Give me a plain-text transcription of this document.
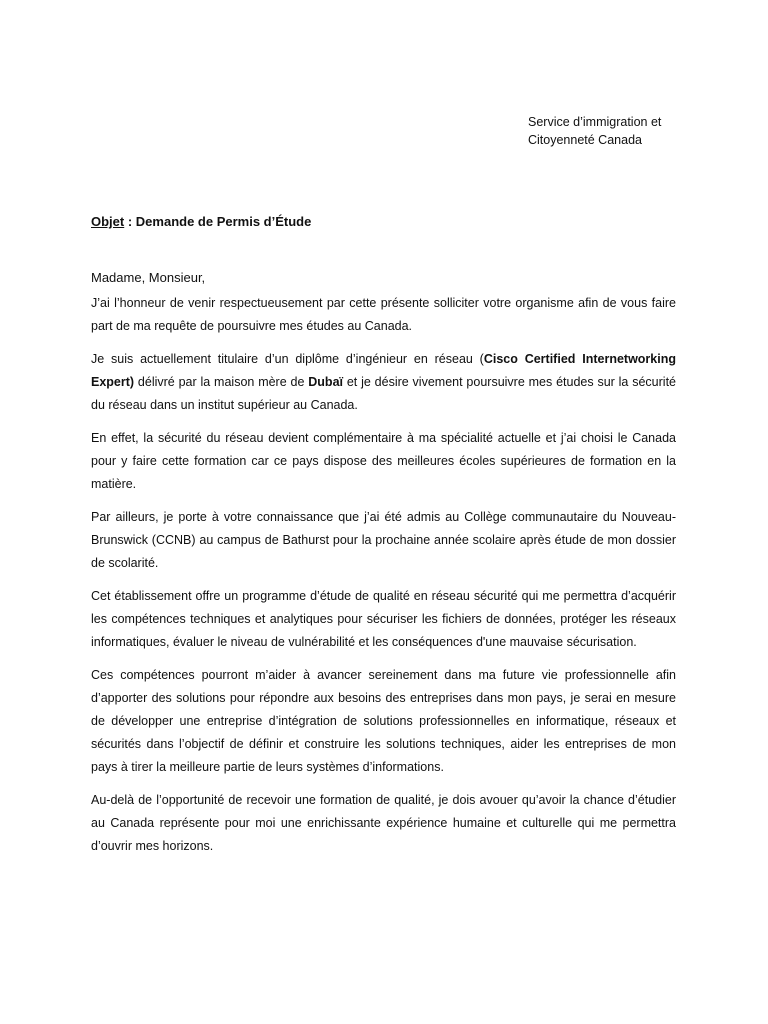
Service d’immigration et
Citoyenneté Canada
Objet : Demande de Permis d’Étude
Madame, Monsieur,

J’ai l’honneur de venir respectueusement par cette présente solliciter votre organisme afin de vous faire part de ma requête de poursuivre mes études au Canada.

Je suis actuellement titulaire d’un diplôme d’ingénieur en réseau (Cisco Certified Internetworking Expert) délivré par la maison mère de Dubaï et je désire vivement poursuivre mes études sur la sécurité du réseau dans un institut supérieur au Canada.

En effet, la sécurité du réseau devient complémentaire à ma spécialité actuelle et j’ai choisi le Canada pour y faire cette formation car ce pays dispose des meilleures écoles supérieures de formation en la matière.

Par ailleurs, je porte à votre connaissance que j’ai été admis au Collège communautaire du Nouveau-Brunswick (CCNB) au campus de Bathurst pour la prochaine année scolaire après étude de mon dossier de scolarité.

Cet établissement offre un programme d’étude de qualité en réseau sécurité qui me permettra d’acquérir les compétences techniques et analytiques pour sécuriser les fichiers de données, protéger les réseaux informatiques, évaluer le niveau de vulnérabilité et les conséquences d'une mauvaise sécurisation.

Ces compétences pourront m’aider à avancer sereinement dans ma future vie professionnelle afin d’apporter des solutions pour répondre aux besoins des entreprises dans mon pays, je serai en mesure de développer une entreprise d’intégration de solutions professionnelles en informatique, réseaux et sécurités dans l’objectif de définir et construire les solutions techniques, aider les entreprises de mon pays à tirer la meilleure partie de leurs systèmes d’informations.

Au-delà de l’opportunité de recevoir une formation de qualité, je dois avouer qu’avoir la chance d’étudier au Canada représente pour moi une enrichissante expérience humaine et culturelle qui me permettra d’ouvrir mes horizons.
